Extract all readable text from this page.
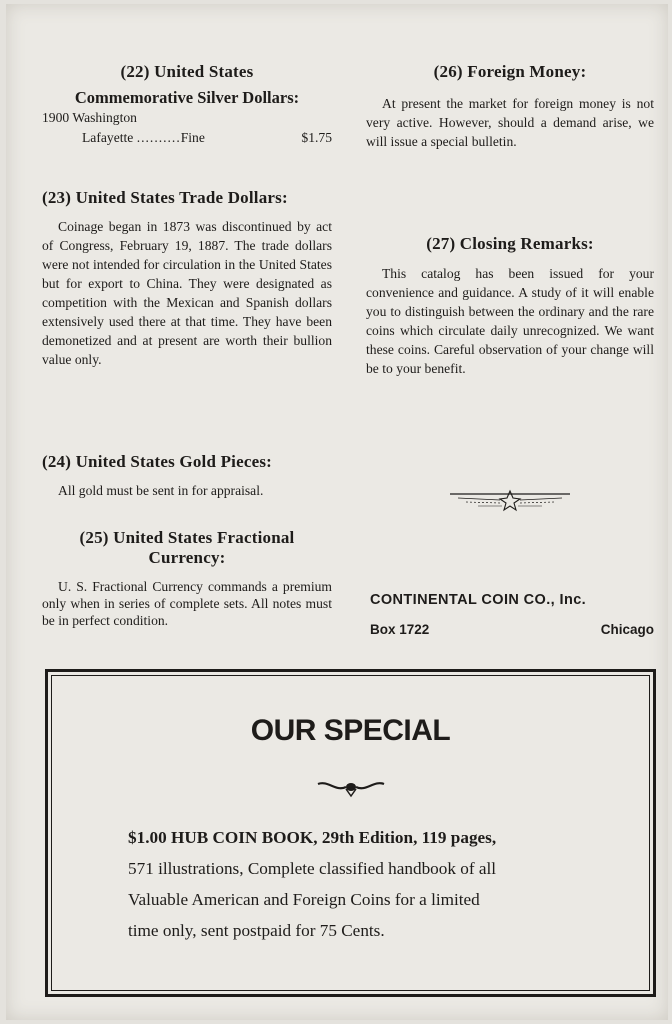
(22) United States
Commemorative Silver Dollars:
1900 Washington
Lafayette ..........Fine	$1.75
(23) United States Trade Dollars:

Coinage began in 1873 was discontinued by act of Congress, February 19, 1887. The trade dollars were not intended for circulation in the United States but for export to China. They were designated as competition with the Mexican and Spanish dollars extensively used there at that time. They have been demonetized and at present are worth their bullion value only.

(24) United States Gold Pieces:

All gold must be sent in for appraisal.

(25) United States Fractional Currency:

U. S. Fractional Currency commands a premium only when in series of complete sets. All notes must be in perfect condition.

(26) Foreign Money:

At present the market for foreign money is not very active. However, should a demand arise, we will issue a special bulletin.

(27) Closing Remarks:

This catalog has been issued for your convenience and guidance. A study of it will enable you to distinguish between the ordinary and the rare coins which circulate daily unrecognized. We want these coins. Careful observation of your change will be to your benefit.

CONTINENTAL COIN CO., Inc.
Box 1722	Chicago
OUR SPECIAL
$1.00 HUB COIN BOOK, 29th Edition, 119 pages,
571 illustrations, Complete classified handbook of all
Valuable American and Foreign Coins for a limited
time only, sent postpaid for 75 Cents.
